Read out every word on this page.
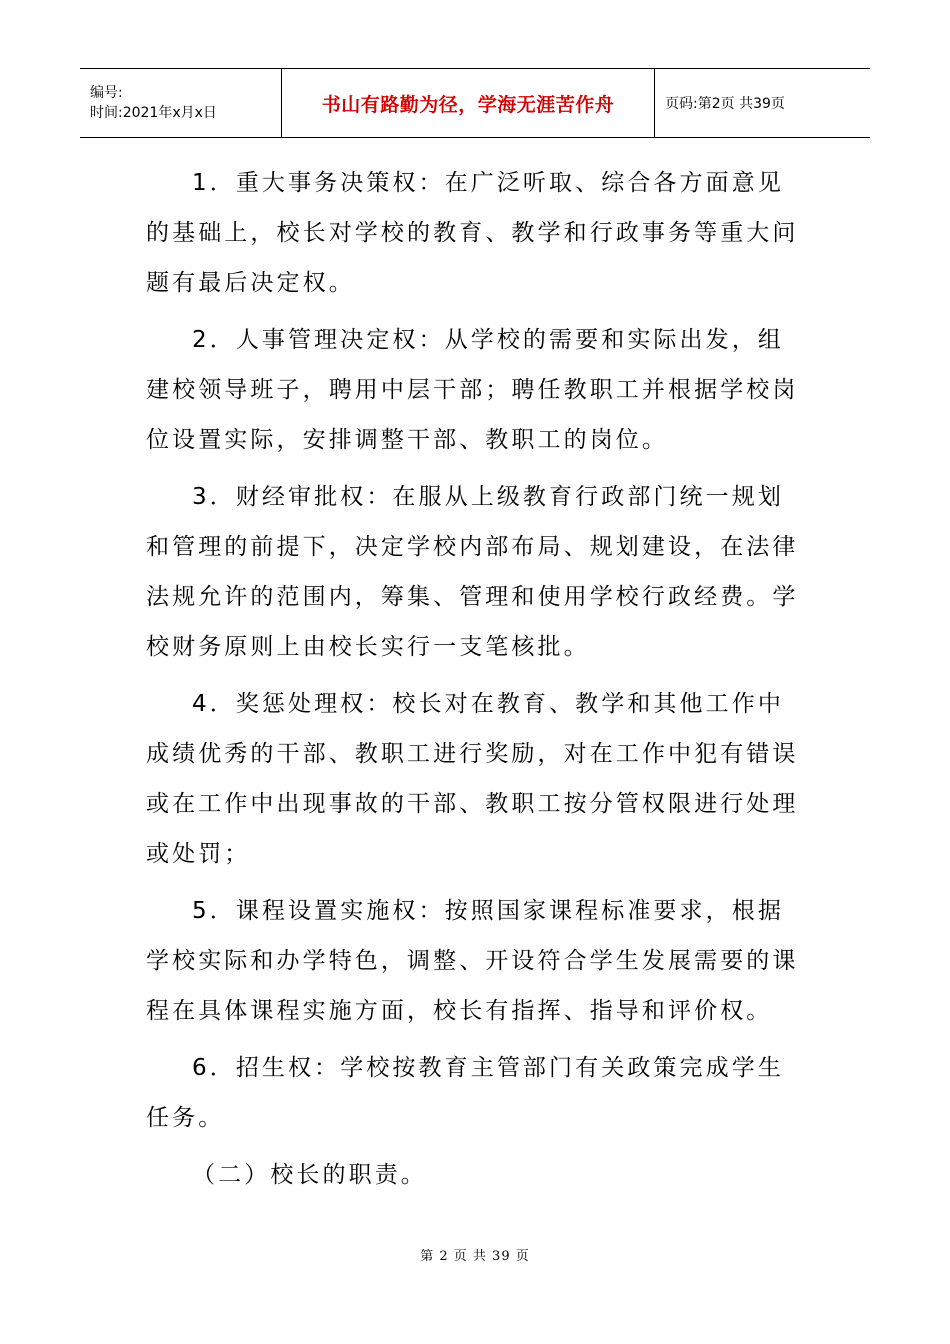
编号:
时间:2021年x月x日	书山有路勤为径，学海无涯苦作舟	页码:第2页 共39页

1．重大事务决策权：在广泛听取、综合各方面意见的基础上，校长对学校的教育、教学和行政事务等重大问题有最后决定权。

2．人事管理决定权：从学校的需要和实际出发，组建校领导班子，聘用中层干部；聘任教职工并根据学校岗位设置实际，安排调整干部、教职工的岗位。

3．财经审批权：在服从上级教育行政部门统一规划和管理的前提下，决定学校内部布局、规划建设，在法律法规允许的范围内，筹集、管理和使用学校行政经费。学校财务原则上由校长实行一支笔核批。

4．奖惩处理权：校长对在教育、教学和其他工作中成绩优秀的干部、教职工进行奖励，对在工作中犯有错误或在工作中出现事故的干部、教职工按分管权限进行处理或处罚；

5．课程设置实施权：按照国家课程标准要求，根据学校实际和办学特色，调整、开设符合学生发展需要的课程在具体课程实施方面，校长有指挥、指导和评价权。

6．招生权：学校按教育主管部门有关政策完成学生任务。

（二）校长的职责。

第 2 页 共 39 页
